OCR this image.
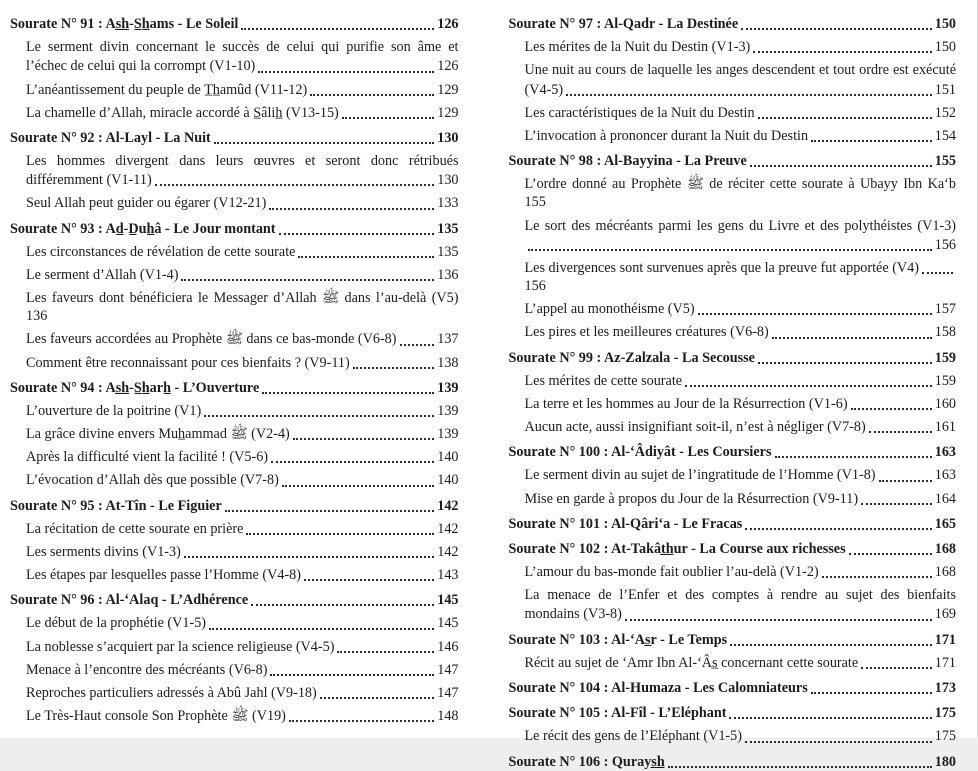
Sourate N° 91 : As̲h̲-S̲h̲ams - Le Soleil	126
Le serment divin concernant le succès de celui qui purifie son âme et
l’échec de celui qui la corrompt (V1-10)	126
L’anéantissement du peuple de T̲h̲amûd (V11-12)	129
La chamelle d’Allah, miracle accordé à S̲âlih̲ (V13-15)	129
Sourate N° 92 : Al-Layl - La Nuit	130
Les hommes divergent dans leurs œuvres et seront donc rétribués
différemment (V1-11)	130
Seul Allah peut guider ou égarer (V12-21)	133
Sourate N° 93 : Ad̲-D̲uh̲â - Le Jour montant	135
Les circonstances de révélation de cette sourate	135
Le serment d’Allah (V1-4)	136
Les faveurs dont bénéficiera le Messager d’Allah ﷺ dans l’au-delà (V5) 136
Les faveurs accordées au Prophète ﷺ dans ce bas-monde (V6-8)	137
Comment être reconnaissant pour ces bienfaits ? (V9-11)	138
Sourate N° 94 : As̲h̲-S̲h̲arh̲ - L’Ouverture	139
L’ouverture de la poitrine (V1)	139
La grâce divine envers Muh̲ammad ﷺ (V2-4)	139
Après la difficulté vient la facilité ! (V5-6)	140
L’évocation d’Allah dès que possible (V7-8)	140
Sourate N° 95 : At-Tîn - Le Figuier	142
La récitation de cette sourate en prière	142
Les serments divins (V1-3)	142
Les étapes par lesquelles passe l’Homme (V4-8)	143
Sourate N° 96 : Al-‘Alaq - L’Adhérence	145
Le début de la prophétie (V1-5)	145
La noblesse s’acquiert par la science religieuse (V4-5)	146
Menace à l’encontre des mécréants (V6-8)	147
Reproches particuliers adressés à Abû Jahl (V9-18)	147
Le Très-Haut console Son Prophète ﷺ (V19)	148
Sourate N° 97 : Al-Qadr - La Destinée	150
Les mérites de la Nuit du Destin (V1-3)	150
Une nuit au cours de laquelle les anges descendent et tout ordre est exécuté
(V4-5)	151
Les caractéristiques de la Nuit du Destin	152
L’invocation à prononcer durant la Nuit du Destin	154
Sourate N° 98 : Al-Bayyina - La Preuve	155
L’ordre donné au Prophète ﷺ de réciter cette sourate à Ubayy Ibn Ka‘b 155
Le sort des mécréants parmi les gens du Livre et des polythéistes (V1-3)
156
Les divergences sont survenues après que la preuve fut apportée (V4)
156
L’appel au monothéisme (V5)	157
Les pires et les meilleures créatures (V6-8)	158
Sourate N° 99 : Az-Zalzala - La Secousse	159
Les mérites de cette sourate	159
La terre et les hommes au Jour de la Résurrection (V1-6)	160
Aucun acte, aussi insignifiant soit-il, n’est à négliger (V7-8)	161
Sourate N° 100 : Al-‘Âdiyât - Les Coursiers	163
Le serment divin au sujet de l’ingratitude de l’Homme (V1-8)	163
Mise en garde à propos du Jour de la Résurrection (V9-11)	164
Sourate N° 101 : Al-Qâri‘a - Le Fracas	165
Sourate N° 102 : At-Takât̲h̲ur - La Course aux richesses	168
L’amour du bas-monde fait oublier l’au-delà (V1-2)	168
La menace de l’Enfer et des comptes à rendre au sujet des bienfaits
mondains (V3-8)	169
Sourate N° 103 : Al-‘As̲r - Le Temps	171
Récit au sujet de ‘Amr Ibn Al-‘Âs̲ concernant cette sourate	171
Sourate N° 104 : Al-Humaza - Les Calomniateurs	173
Sourate N° 105 : Al-Fîl - L’Eléphant	175
Le récit des gens de l’Eléphant (V1-5)	175
Sourate N° 106 : Qurays̲h̲	180
